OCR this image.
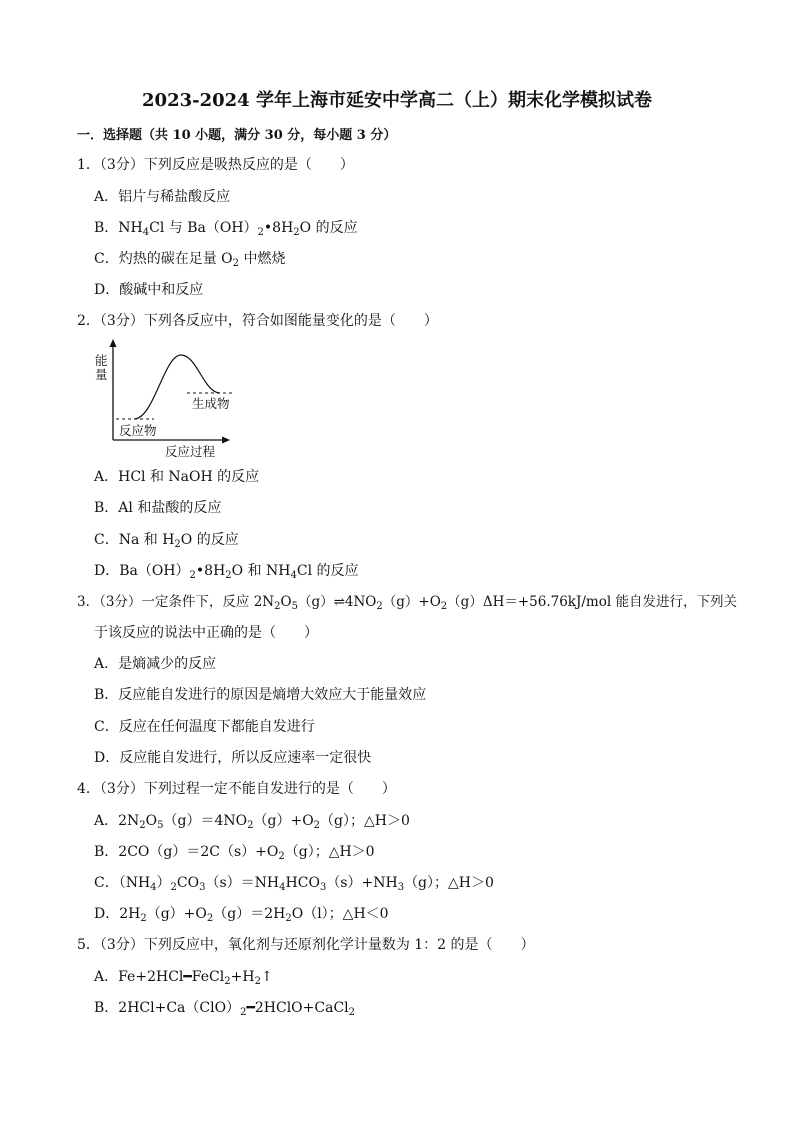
2023-2024 学年上海市延安中学高二（上）期末化学模拟试卷
一．选择题（共 10 小题，满分 30 分，每小题 3 分）
1．（3分）下列反应是吸热反应的是（　　）
A．铝片与稀盐酸反应
B．$NH_4Cl$ 与 $Ba(OH)_2•8H_2O$ 的反应
C．灼热的碳在足量 $O_2$ 中燃烧
D．酸碱中和反应
2．（3分）下列各反应中，符合如图能量变化的是（　　）
能
量
生成物
反应物
反应过程
A．HCl 和 NaOH 的反应
B．Al 和盐酸的反应
C．Na 和 $H_2O$ 的反应
D．$Ba(OH)_2•8H_2O$ 和 $NH_4Cl$ 的反应
3．（3分）一定条件下，反应 $2N_2O_5(g)\rightleftharpoons 4NO_2(g)+O_2(g)\Delta H=+56.76kJ$/mol 能自发进行，下列关
于该反应的说法中正确的是（　　）
A．是熵减少的反应
B．反应能自发进行的原因是熵增大效应大于能量效应
C．反应在任何温度下都能自发进行
D．反应能自发进行，所以反应速率一定很快
4．（3分）下列过程一定不能自发进行的是（　　）
A．$2N_2O_5(g)=4NO_2(g)+O_2(g)$；△H＞0
B．$2CO(g)=2C(s)+O_2(g)$；△H＞0
C．$(NH_4)_2CO_3(s)=NH_4HCO_3(s)+NH_3(g)$；△H＞0
D．$2H_2(g)+O_2(g)=2H_2O(l)$；△H＜0
5．（3分）下列反应中，氧化剂与还原剂化学计量数为 1：2 的是（　　）
A．$Fe+2HCl━FeCl_2+H_2↑$
B．$2HCl+Ca(ClO)_2━2HClO+CaCl_2$
